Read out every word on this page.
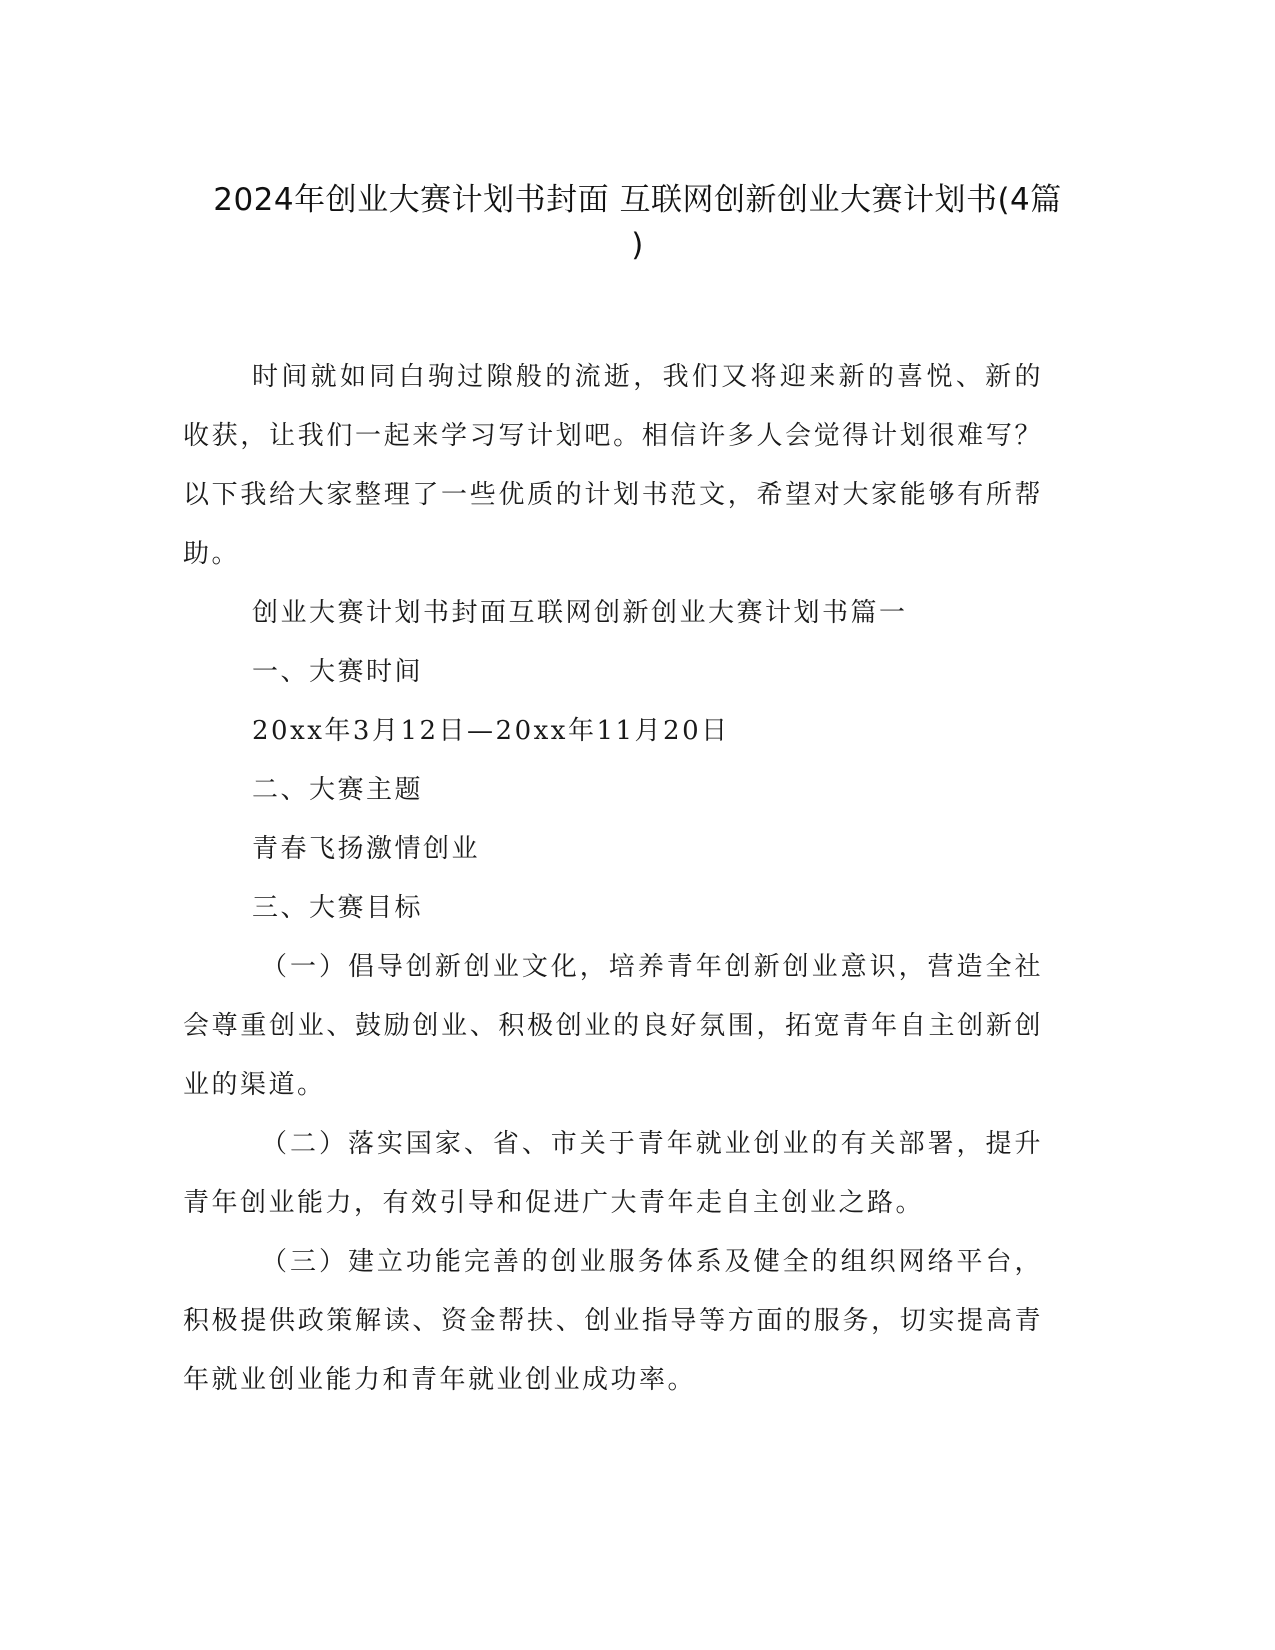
2024年创业大赛计划书封面 互联网创新创业大赛计划书(4篇
)

时间就如同白驹过隙般的流逝，我们又将迎来新的喜悦、新的收获，让我们一起来学习写计划吧。相信许多人会觉得计划很难写？以下我给大家整理了一些优质的计划书范文，希望对大家能够有所帮助。

创业大赛计划书封面互联网创新创业大赛计划书篇一

一、大赛时间

20xx年3月12日—20xx年11月20日

二、大赛主题

青春飞扬激情创业

三、大赛目标

（一）倡导创新创业文化，培养青年创新创业意识，营造全社会尊重创业、鼓励创业、积极创业的良好氛围，拓宽青年自主创新创业的渠道。

（二）落实国家、省、市关于青年就业创业的有关部署，提升青年创业能力，有效引导和促进广大青年走自主创业之路。

（三）建立功能完善的创业服务体系及健全的组织网络平台，积极提供政策解读、资金帮扶、创业指导等方面的服务，切实提高青年就业创业能力和青年就业创业成功率。
